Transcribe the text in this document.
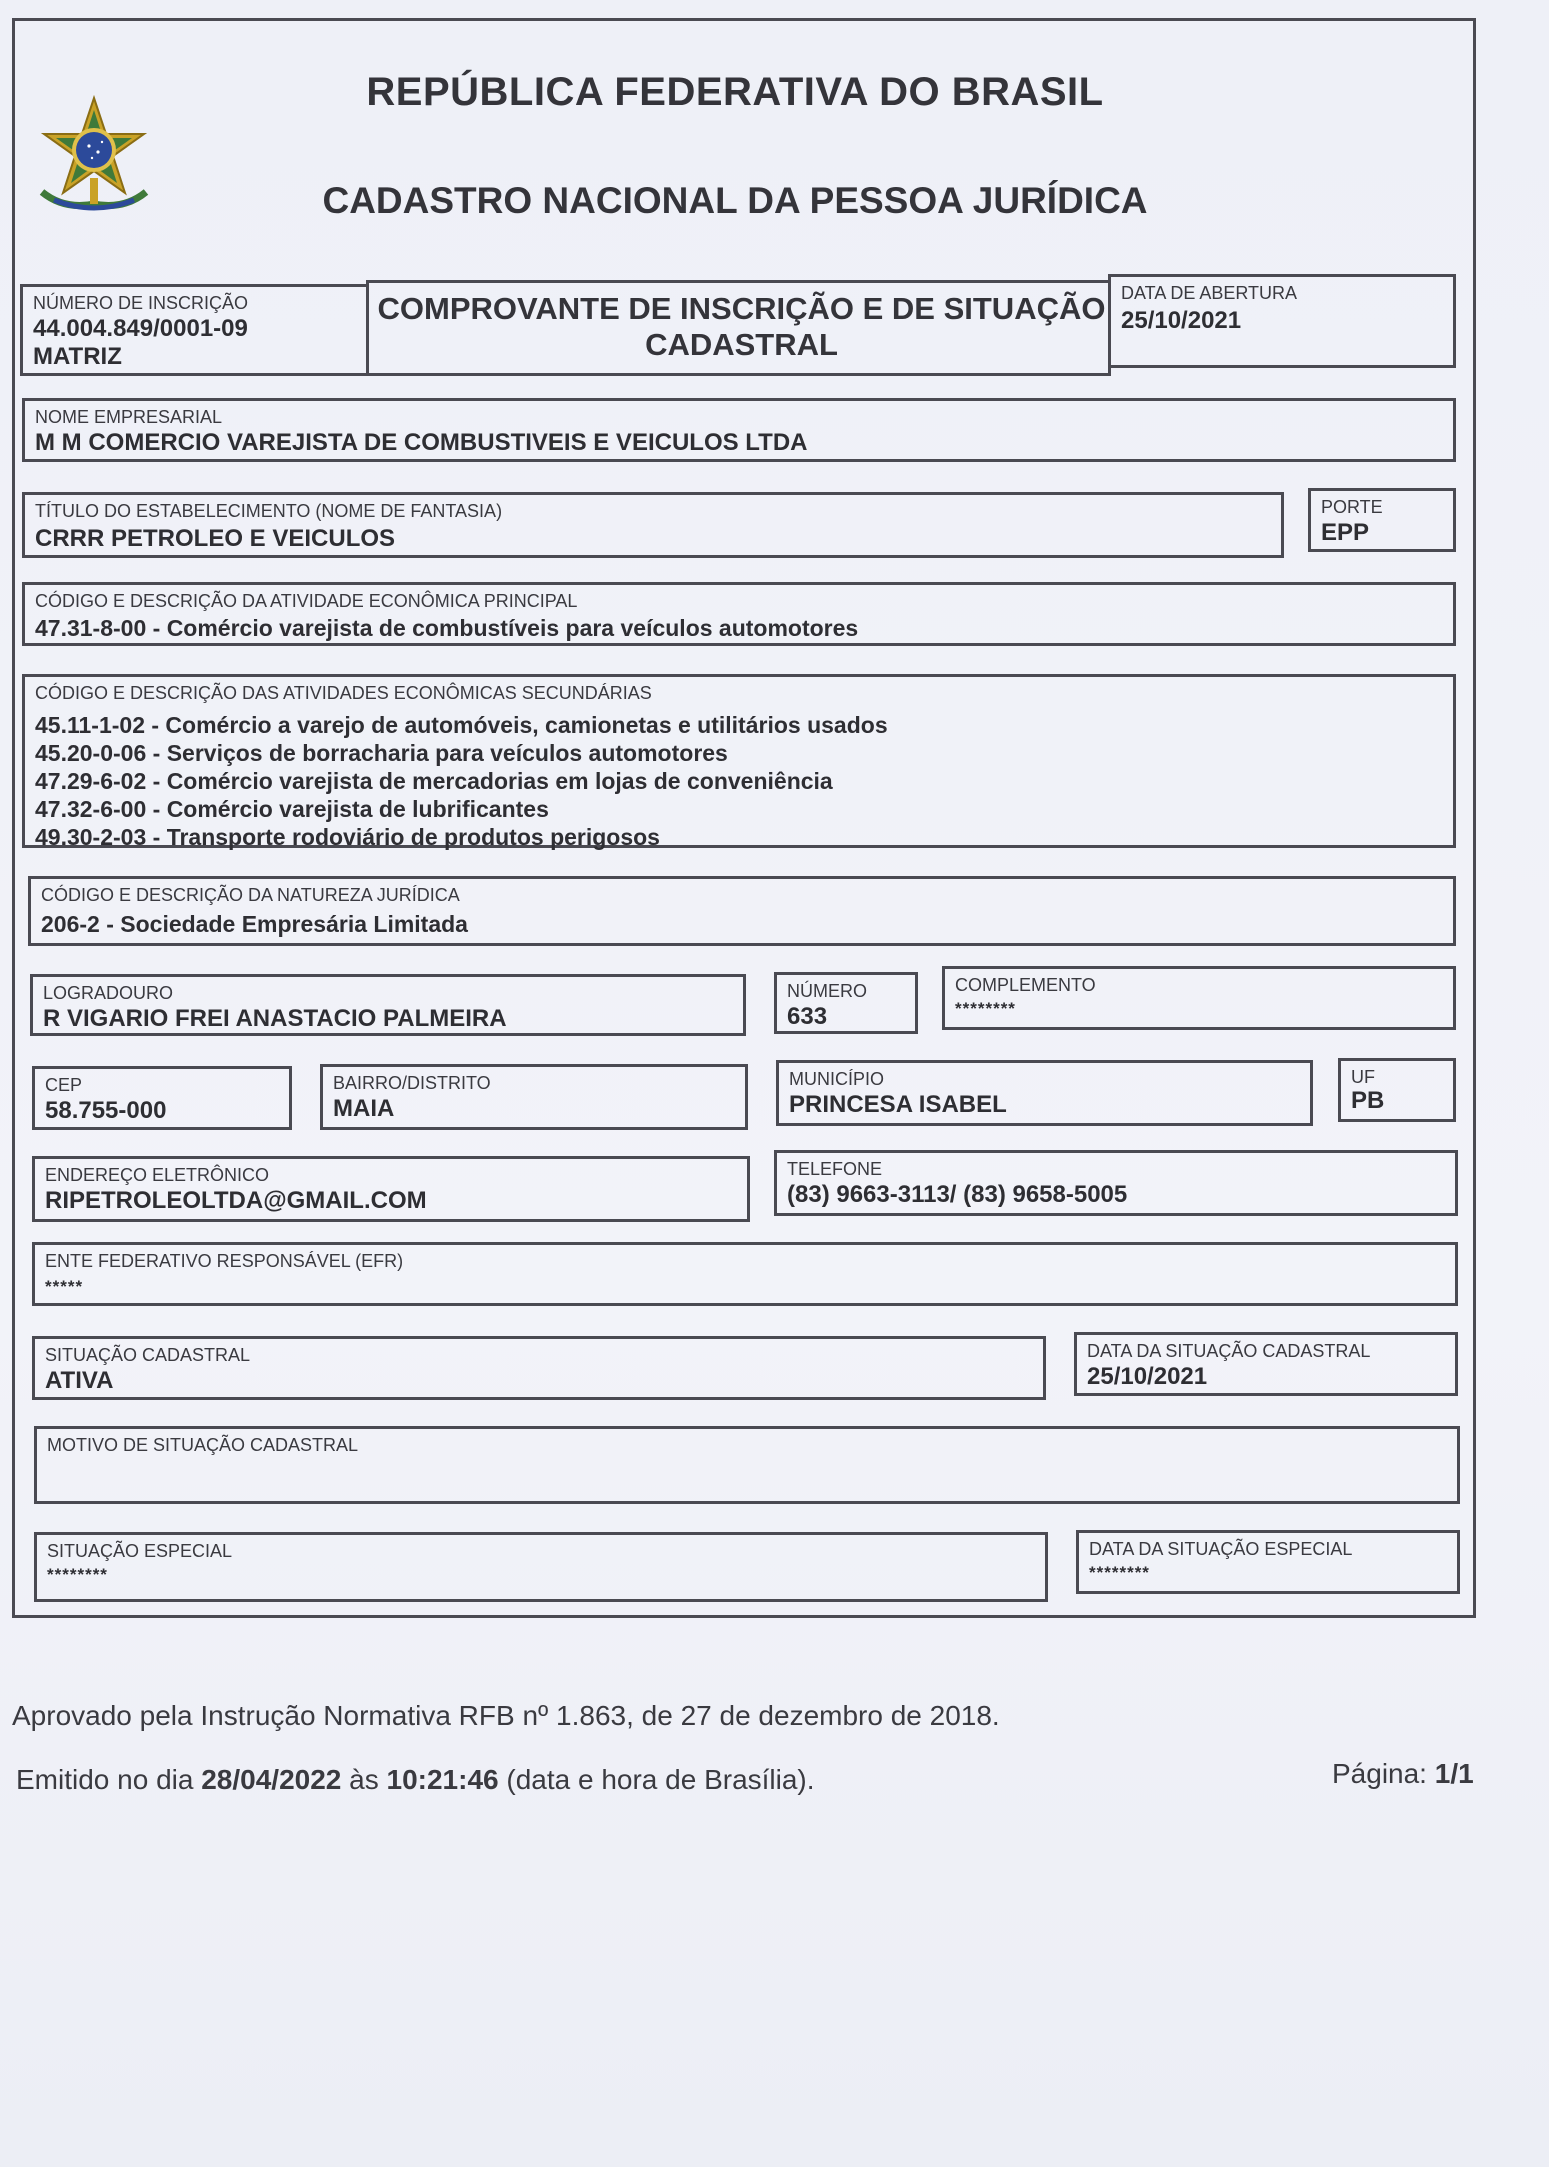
REPÚBLICA FEDERATIVA DO BRASIL
CADASTRO NACIONAL DA PESSOA JURÍDICA
NÚMERO DE INSCRIÇÃO
44.004.849/0001-09
MATRIZ
COMPROVANTE DE INSCRIÇÃO E DE SITUAÇÃO
CADASTRAL
DATA DE ABERTURA
25/10/2021
NOME EMPRESARIAL
M M COMERCIO VAREJISTA DE COMBUSTIVEIS E VEICULOS LTDA
TÍTULO DO ESTABELECIMENTO (NOME DE FANTASIA)
CRRR PETROLEO E VEICULOS
PORTE
EPP
CÓDIGO E DESCRIÇÃO DA ATIVIDADE ECONÔMICA PRINCIPAL
47.31-8-00 - Comércio varejista de combustíveis para veículos automotores
CÓDIGO E DESCRIÇÃO DAS ATIVIDADES ECONÔMICAS SECUNDÁRIAS
45.11-1-02 - Comércio a varejo de automóveis, camionetas e utilitários usados
45.20-0-06 - Serviços de borracharia para veículos automotores
47.29-6-02 - Comércio varejista de mercadorias em lojas de conveniência
47.32-6-00 - Comércio varejista de lubrificantes
49.30-2-03 - Transporte rodoviário de produtos perigosos
CÓDIGO E DESCRIÇÃO DA NATUREZA JURÍDICA
206-2 - Sociedade Empresária Limitada
LOGRADOURO
R VIGARIO FREI ANASTACIO PALMEIRA
NÚMERO
633
COMPLEMENTO
********
CEP
58.755-000
BAIRRO/DISTRITO
MAIA
MUNICÍPIO
PRINCESA ISABEL
UF
PB
ENDEREÇO ELETRÔNICO
RIPETROLEOLTDA@GMAIL.COM
TELEFONE
(83) 9663-3113/ (83) 9658-5005
ENTE FEDERATIVO RESPONSÁVEL (EFR)
*****
SITUAÇÃO CADASTRAL
ATIVA
DATA DA SITUAÇÃO CADASTRAL
25/10/2021
MOTIVO DE SITUAÇÃO CADASTRAL
SITUAÇÃO ESPECIAL
********
DATA DA SITUAÇÃO ESPECIAL
********
Aprovado pela Instrução Normativa RFB nº 1.863, de 27 de dezembro de 2018.
Emitido no dia 28/04/2022 às 10:21:46 (data e hora de Brasília).	Página: 1/1
